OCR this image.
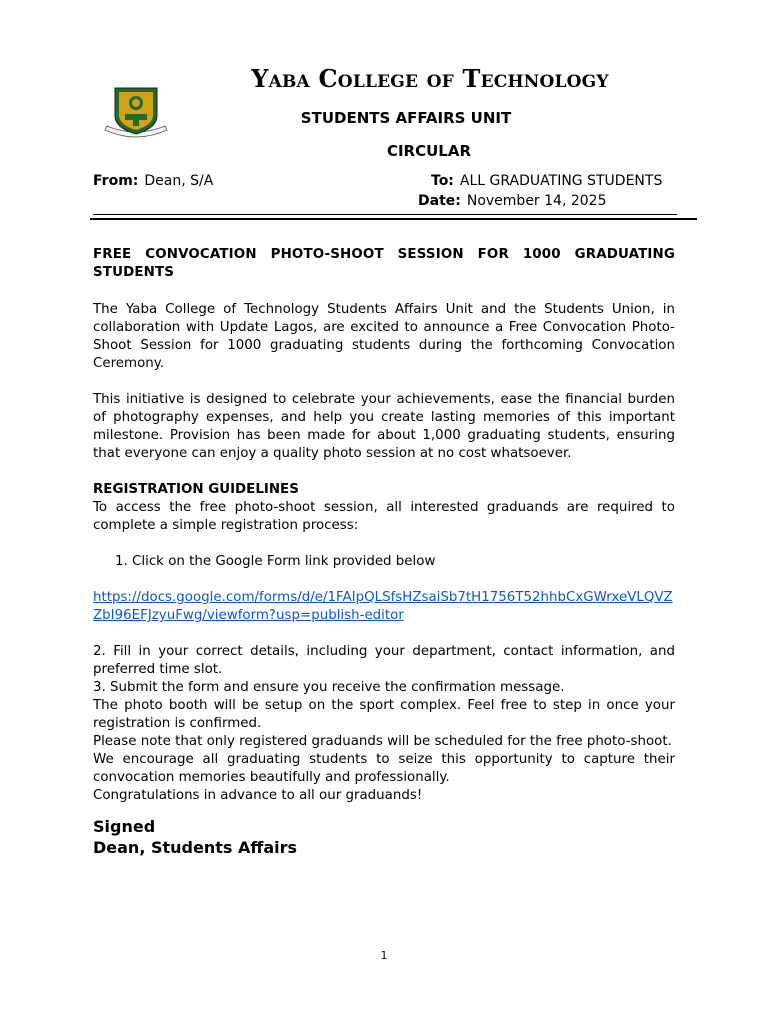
Yaba College of Technology
STUDENTS AFFAIRS UNIT
CIRCULAR
From: Dean, S/A	To: ALL GRADUATING STUDENTS
Date: November 14, 2025

FREE CONVOCATION PHOTO-SHOOT SESSION FOR 1000 GRADUATING STUDENTS

The Yaba College of Technology Students Affairs Unit and the Students Union, in collaboration with Update Lagos, are excited to announce a Free Convocation Photo-Shoot Session for 1000 graduating students during the forthcoming Convocation Ceremony.

This initiative is designed to celebrate your achievements, ease the financial burden of photography expenses, and help you create lasting memories of this important milestone. Provision has been made for about 1,000 graduating students, ensuring that everyone can enjoy a quality photo session at no cost whatsoever.

REGISTRATION GUIDELINES

To access the free photo-shoot session, all interested graduands are required to complete a simple registration process:

1. Click on the Google Form link provided below

https://docs.google.com/forms/d/e/1FAIpQLSfsHZsaiSb7tH1756T52hhbCxGWrxeVLQVZZbI96EFJzyuFwg/viewform?usp=publish-editor

2. Fill in your correct details, including your department, contact information, and preferred time slot.

3. Submit the form and ensure you receive the confirmation message.

The photo booth will be setup on the sport complex. Feel free to step in once your registration is confirmed.

Please note that only registered graduands will be scheduled for the free photo-shoot.

We encourage all graduating students to seize this opportunity to capture their convocation memories beautifully and professionally.

Congratulations in advance to all our graduands!

Signed
Dean, Students Affairs
1
